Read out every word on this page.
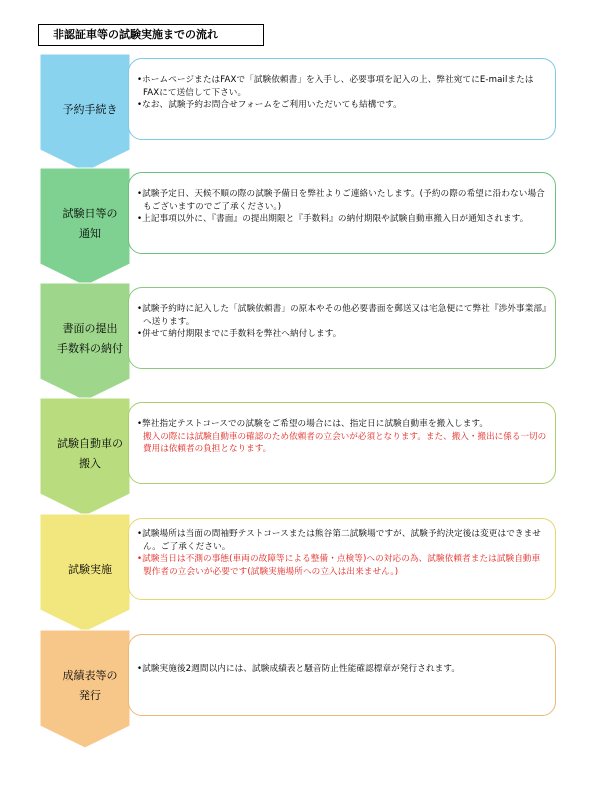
非認証車等の試験実施までの流れ
•ホームページまたはFAXで「試験依頼書」を入手し、必要事項を記入の上、弊社宛てにE-mailまたはFAXにて送信して下さい。
•なお、試験予約お問合せフォームをご利用いただいても結構です。
予約手続き
•試験予定日、天候不順の際の試験予備日を弊社よりご連絡いたします。(予約の際の希望に沿わない場合もございますのでご了承ください。)
•上記事項以外に、『書面』の提出期限と『手数料』の納付期限や試験自動車搬入日が通知されます。
試験日等の
通知
•試験予約時に記入した「試験依頼書」の原本やその他必要書面を郵送又は宅急便にて弊社『渉外事業部』へ送ります。
•併せて納付期限までに手数料を弊社へ納付します。
書面の提出
手数料の納付
•弊社指定テストコースでの試験をご希望の場合には、指定日に試験自動車を搬入します。
搬入の際には試験自動車の確認のため依頼者の立会いが必須となります。また、搬入・搬出に係る一切の費用は依頼者の負担となります。
試験自動車の
搬入
•試験場所は当面の間袖野テストコースまたは熊谷第二試験場ですが、試験予約決定後は変更はできません。ご了承ください。
•試験当日は不測の事態(車両の故障等による整備・点検等)への対応の為、試験依頼者または試験自動車製作者の立会いが必要です(試験実施場所への立入は出来ません。)
試験実施
•試験実施後2週間以内には、試験成績表と騒音防止性能確認標章が発行されます。
成績表等の
発行
